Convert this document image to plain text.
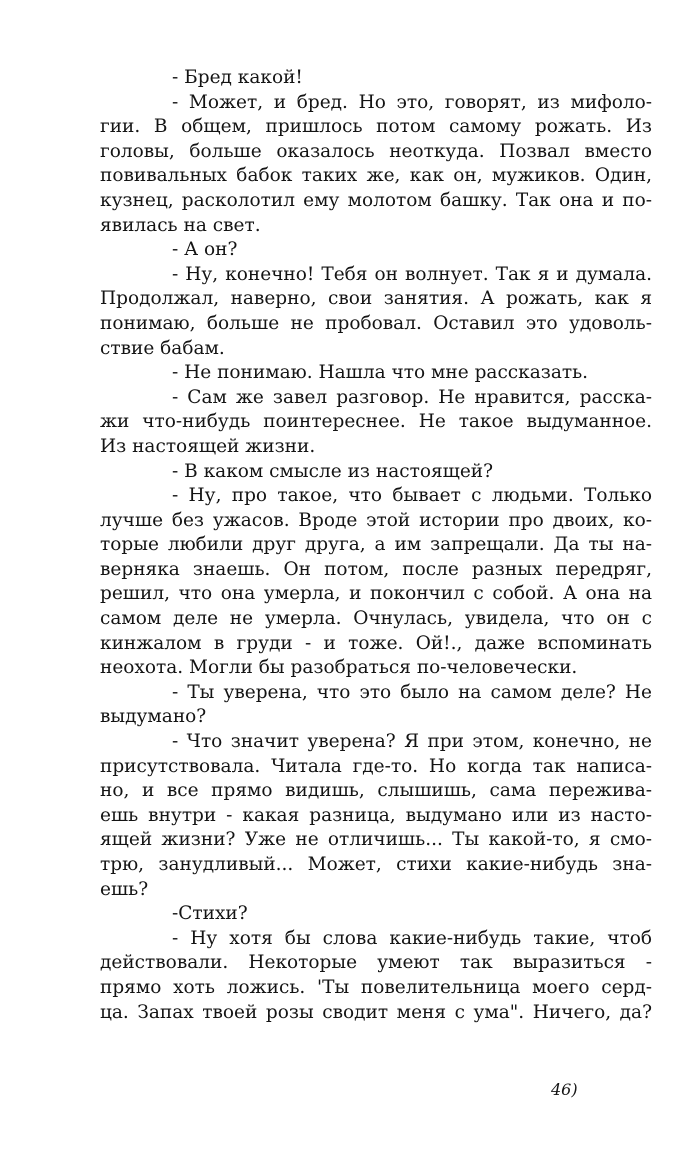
- Бред какой!
- Может, и бред. Но это, говорят, из мифоло-
гии. В общем, пришлось потом самому рожать. Из
головы, больше оказалось неоткуда. Позвал вместо
повивальных бабок таких же, как он, мужиков. Один,
кузнец, расколотил ему молотом башку. Так она и по-
явилась на свет.
- А он?
- Ну, конечно! Тебя он волнует. Так я и думала.
Продолжал, наверно, свои занятия. А рожать, как я
понимаю, больше не пробовал. Оставил это удоволь-
ствие бабам.
- Не понимаю. Нашла что мне рассказать.
- Сам же завел разговор. Не нравится, расска-
жи что-нибудь поинтереснее. Не такое выдуманное.
Из настоящей жизни.
- В каком смысле из настоящей?
- Ну, про такое, что бывает с людьми. Только
лучше без ужасов. Вроде этой истории про двоих, ко-
торые любили друг друга, а им запрещали. Да ты на-
верняка знаешь. Он потом, после разных передряг,
решил, что она умерла, и покончил с собой. А она на
самом деле не умерла. Очнулась, увидела, что он с
кинжалом в груди - и тоже. Ой!., даже вспоминать
неохота. Могли бы разобраться по-человечески.
- Ты уверена, что это было на самом деле? Не
выдумано?
- Что значит уверена? Я при этом, конечно, не
присутствовала. Читала где-то. Но когда так написа-
но, и все прямо видишь, слышишь, сама пережива-
ешь внутри - какая разница, выдумано или из насто-
ящей жизни? Уже не отличишь... Ты какой-то, я смо-
трю, занудливый... Может, стихи какие-нибудь зна-
ешь?
-Стихи?
- Ну хотя бы слова какие-нибудь такие, чтоб
действовали. Некоторые умеют так выразиться -
прямо хоть ложись. 'Ты повелительница моего серд-
ца. Запах твоей розы сводит меня с ума". Ничего, да?
46)
